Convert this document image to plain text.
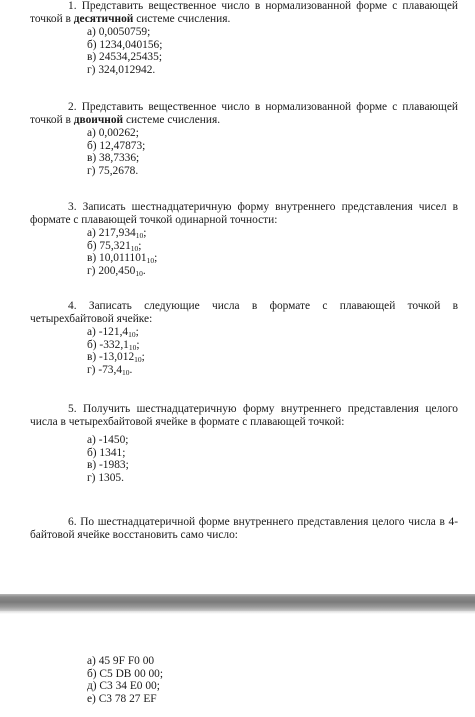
1. Представить вещественное число в нормализованной форме с плавающей точкой в десятичной системе счисления.

а) 0,0050759;
б) 1234,040156;
в) 24534,25435;
г) 324,012942.

2. Представить вещественное число в нормализованной форме с плавающей точкой в двоичной системе счисления.

а) 0,00262;
б) 12,47873;
в) 38,7336;
г) 75,2678.

3. Записать шестнадцатеричную форму внутреннего представления чисел в формате с плавающей точкой одинарной точности:

а) $217,934_{10}$;
б) $75,321_{10}$;
в) $10,011101_{10}$;
г) $200,450_{10}$.

4. Записать следующие числа в формате с плавающей точкой в четырехбайтовой ячейке:

а) $-121,4_{10}$;
б) $-332,1_{10}$;
в) $-13,012_{10}$;
г) $-73,4_{10}$.

5. Получить шестнадцатеричную форму внутреннего представления целого числа в четырехбайтовой ячейке в формате с плавающей точкой:

а) -1450;
б) 1341;
в) -1983;
г) 1305.

6. По шестнадцатеричной форме внутреннего представления целого числа в 4-байтовой ячейке восстановить само число:

а) 45 9F F0 00
б) C5 DB 00 00;
д) C3 34 E0 00;
е) C3 78 27 EF
